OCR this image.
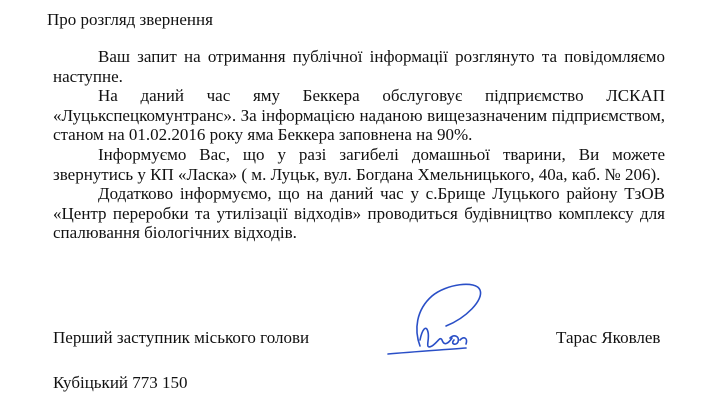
Про розгляд звернення

Ваш запит на отримання публічної інформації розглянуто та повідомляємо наступне.

На даний час яму Беккера обслуговує підприємство ЛСКАП «Луцькспецкомунтранс». За інформацією наданою вищезазначеним підприємством, станом на 01.02.2016 року яма Беккера заповнена на 90%.

Інформуємо Вас, що у разі загибелі домашньої тварини, Ви можете звернутись у КП «Ласка» ( м. Луцьк, вул. Богдана Хмельницького, 40а, каб. № 206).

Додатково інформуємо, що на даний час у с.Брище Луцького району ТзОВ «Центр переробки та утилізації відходів» проводиться будівництво комплексу для спалювання біологічних відходів.

Перший заступник міського голови	Тарас Яковлев
Кубіцький 773 150
